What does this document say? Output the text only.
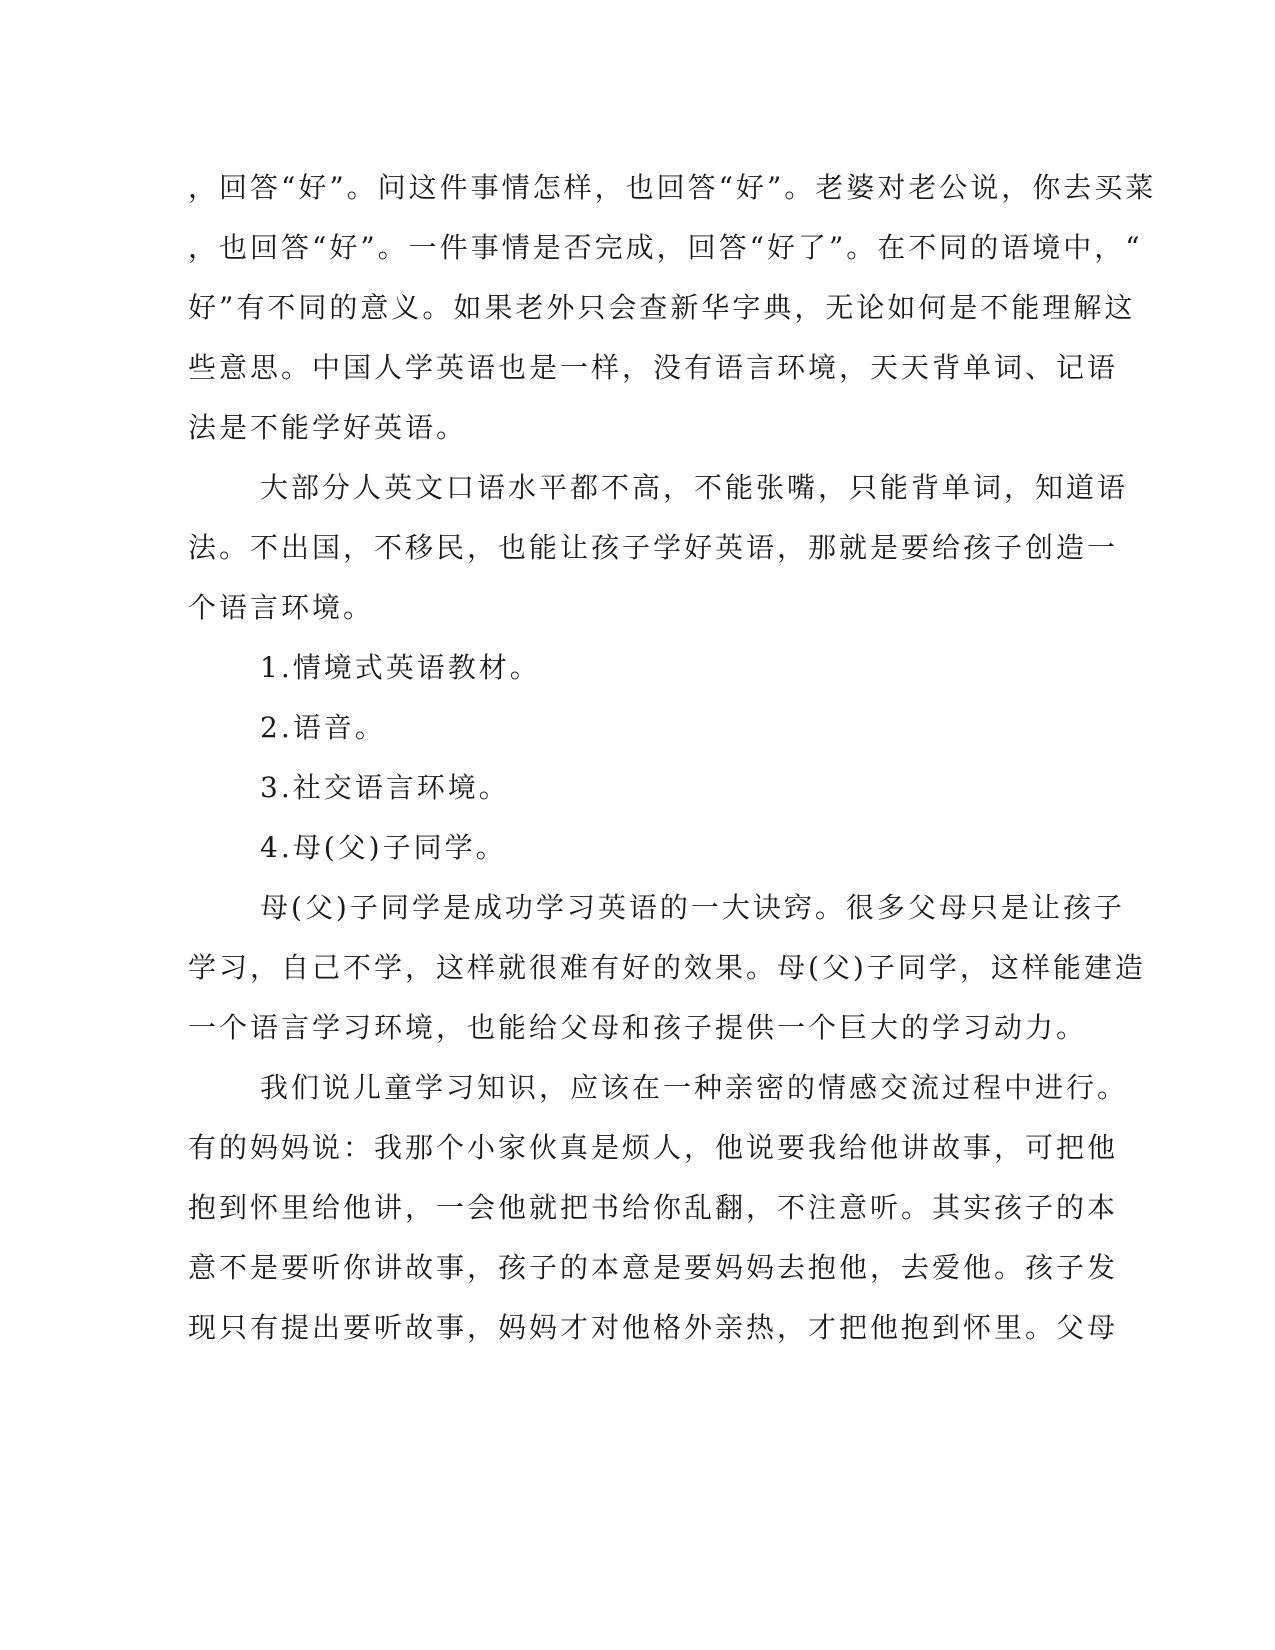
，回答“好”。问这件事情怎样，也回答“好”。老婆对老公说，你去买菜
，也回答“好”。一件事情是否完成，回答“好了”。在不同的语境中，“
好”有不同的意义。如果老外只会查新华字典，无论如何是不能理解这
些意思。中国人学英语也是一样，没有语言环境，天天背单词、记语
法是不能学好英语。
大部分人英文口语水平都不高，不能张嘴，只能背单词，知道语
法。不出国，不移民，也能让孩子学好英语，那就是要给孩子创造一
个语言环境。
1.情境式英语教材。
2.语音。
3.社交语言环境。
4.母(父)子同学。
母(父)子同学是成功学习英语的一大诀窍。很多父母只是让孩子
学习，自己不学，这样就很难有好的效果。母(父)子同学，这样能建造
一个语言学习环境，也能给父母和孩子提供一个巨大的学习动力。
我们说儿童学习知识，应该在一种亲密的情感交流过程中进行。
有的妈妈说：我那个小家伙真是烦人，他说要我给他讲故事，可把他
抱到怀里给他讲，一会他就把书给你乱翻，不注意听。其实孩子的本
意不是要听你讲故事，孩子的本意是要妈妈去抱他，去爱他。孩子发
现只有提出要听故事，妈妈才对他格外亲热，才把他抱到怀里。父母
